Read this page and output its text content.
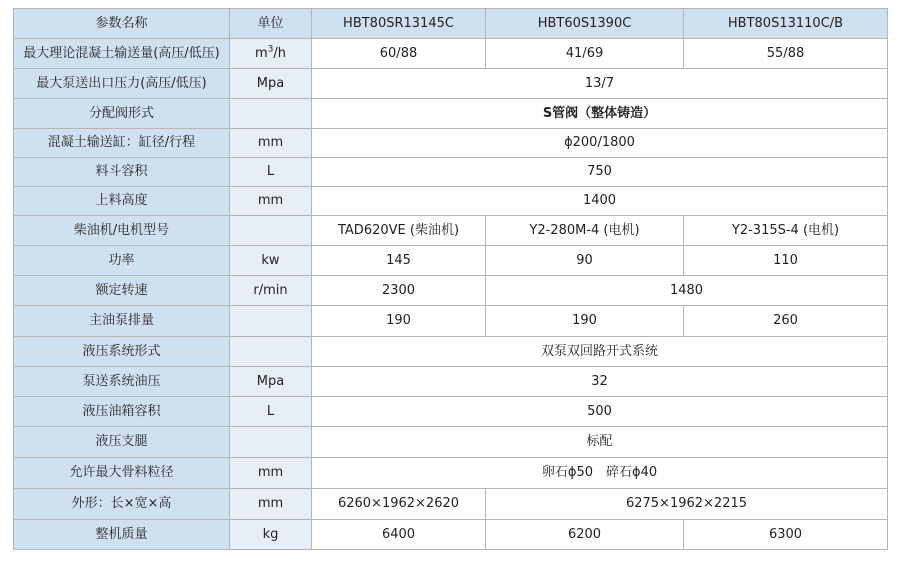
参数名称	单位	HBT80SR13145C	HBT60S1390C	HBT80S13110C/B
最大理论混凝土输送量(高压/低压)	$m^3/h$	60/88	41/69	55/88
最大泵送出口压力(高压/低压)	Mpa	13/7		
分配阀形式		S管阀（整体铸造）		
混凝土输送缸：缸径/行程	mm	ϕ200/1800		
料斗容积	L	750		
上料高度	mm	1400		
柴油机/电机型号		TAD620VE (柴油机)	Y2-280M-4 (电机)	Y2-315S-4 (电机)
功率	kw	145	90	110
额定转速	r/min	2300	1480	
主油泵排量		190	190	260
液压系统形式		双泵双回路开式系统		
泵送系统油压	Mpa	32		
液压油箱容积	L	500		
液压支腿		标配		
允许最大骨料粒径	mm	卵石ϕ50　碎石ϕ40		
外形：长×宽×高	mm	6260×1962×2620	6275×1962×2215	
整机质量	kg	6400	6200	6300
